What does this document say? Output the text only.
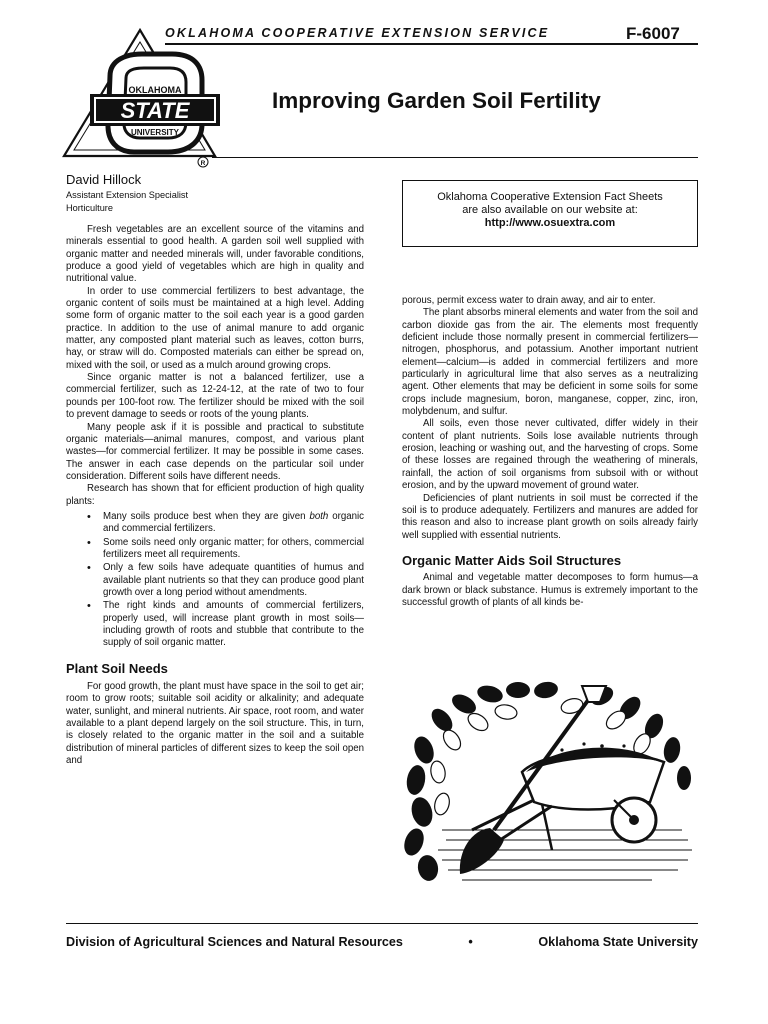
OKLAHOMA COOPERATIVE EXTENSION SERVICE	F-6007
OKLAHOMA
STATE
UNIVERSITY
R
Improving Garden Soil Fertility
David Hillock
Assistant Extension Specialist
Horticulture
Oklahoma Cooperative Extension Fact Sheets
are also available on our website at:
http://www.osuextra.com

Fresh vegetables are an excellent source of the vitamins and minerals essential to good health. A garden soil well supplied with organic matter and needed minerals will, under favorable conditions, produce a good yield of vegetables which are high in quality and nutritional value.

In order to use commercial fertilizers to best advantage, the organic content of soils must be maintained at a high level. Adding some form of organic matter to the soil each year is a good garden practice. In addition to the use of animal manure to add organic matter, any composted plant material such as leaves, cotton burrs, hay, or straw will do. Composted materials can either be spread on, mixed with the soil, or used as a mulch around growing crops.

Since organic matter is not a balanced fertilizer, use a commercial fertilizer, such as 12-24-12, at the rate of two to four pounds per 100-foot row. The fertilizer should be mixed with the soil to prevent damage to seeds or roots of the young plants.

Many people ask if it is possible and practical to substitute organic materials—animal manures, compost, and various plant wastes—for commercial fertilizer. It may be possible in some cases. The answer in each case depends on the particular soil under consideration. Different soils have different needs.

Research has shown that for efficient production of high quality plants:

• Many soils produce best when they are given both organic and commercial fertilizers.
• Some soils need only organic matter; for others, commercial fertilizers meet all requirements.
• Only a few soils have adequate quantities of humus and available plant nutrients so that they can produce good plant growth over a long period without amendments.
• The right kinds and amounts of commercial fertilizers, properly used, will increase plant growth in most soils—including growth of roots and stubble that contribute to the supply of soil organic matter.
Plant Soil Needs

For good growth, the plant must have space in the soil to get air; room to grow roots; suitable soil acidity or alkalinity; and adequate water, sunlight, and mineral nutrients. Air space, root room, and water available to a plant depend largely on the soil structure. This, in turn, is closely related to the organic matter in the soil and a suitable distribution of mineral particles of different sizes to keep the soil open and

porous, permit excess water to drain away, and air to enter.

The plant absorbs mineral elements and water from the soil and carbon dioxide gas from the air. The elements most frequently deficient include those normally present in commercial fertilizers—nitrogen, phosphorus, and potassium. Another important nutrient element—calcium—is added in commercial fertilizers and more particularly in agricultural lime that also serves as a neutralizing agent. Other elements that may be deficient in some soils for some crops include magnesium, boron, manganese, copper, zinc, iron, molybdenum, and sulfur.

All soils, even those never cultivated, differ widely in their content of plant nutrients. Soils lose available nutrients through erosion, leaching or washing out, and the harvesting of crops. Some of these losses are regained through the weathering of minerals, rainfall, the action of soil organisms from subsoil with or without erosion, and by the upward movement of ground water.

Deficiencies of plant nutrients in soil must be corrected if the soil is to produce adequately. Fertilizers and manures are added for this reason and also to increase plant growth on soils already fairly well supplied with essential nutrients.

Organic Matter Aids Soil Structures

Animal and vegetable matter decomposes to form humus—a dark brown or black substance. Humus is extremely important to the successful growth of plants of all kinds be-

Division of Agricultural Sciences and Natural Resources	•	Oklahoma State University
